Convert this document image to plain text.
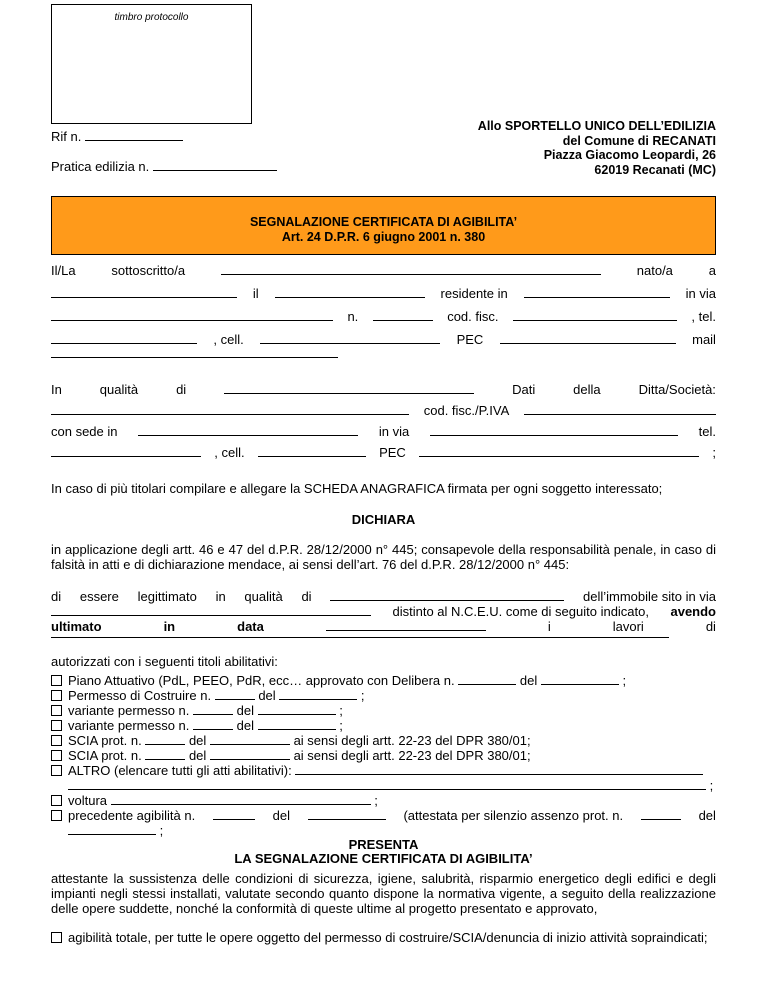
timbro protocollo
Allo SPORTELLO UNICO DELL’EDILIZIA
del Comune di RECANATI
Piazza Giacomo Leopardi, 26
62019 Recanati (MC)
Rif n.
Pratica edilizia n.
SEGNALAZIONE CERTIFICATA DI AGIBILITA’
Art. 24 D.P.R. 6 giugno 2001 n. 380
Il/La	sottoscritto/a	nato/a	a
il	residente in	in via
n.	cod. fisc.	, tel.
, cell.	PEC	mail
In	qualità	di	Dati	della	Ditta/Società:
cod. fisc./P.IVA
con sede in	in via	tel.
, cell.	PEC	;
In caso di più titolari compilare e allegare la SCHEDA ANAGRAFICA firmata per ogni soggetto interessato;
DICHIARA
in applicazione degli artt. 46 e 47 del d.P.R. 28/12/2000 n° 445; consapevole della responsabilità penale, in caso di falsità in atti e di dichiarazione mendace, ai sensi dell’art. 76 del d.P.R. 28/12/2000 n° 445:
di essere legittimato in qualità di	dell’immobile sito in via
distinto al N.C.E.U. come di seguito indicato, avendo
ultimato	in	data	i	lavori	di
autorizzati con i seguenti titoli abilitativi:
Piano Attuativo (PdL, PEEO, PdR, ecc… approvato con Delibera n.	del	;
Permesso di Costruire n.	del	;
variante permesso n.	del	;
variante permesso n.	del	;
SCIA prot. n.	del	ai sensi degli artt. 22-23 del DPR 380/01;
SCIA prot. n.	del	ai sensi degli artt. 22-23 del DPR 380/01;
ALTRO (elencare tutti gli atti abilitativi):
;
voltura	;
precedente agibilità n.	del	(attestata per silenzio assenzo prot. n.	del
;
PRESENTA
LA SEGNALAZIONE CERTIFICATA DI AGIBILITA’
attestante la sussistenza delle condizioni di sicurezza, igiene, salubrità, risparmio energetico degli edifici e degli impianti negli stessi installati, valutate secondo quanto dispone la normativa vigente, a seguito della realizzazione delle opere suddette, nonché la conformità di queste ultime al progetto presentato e approvato,
agibilità totale, per tutte le opere oggetto del permesso di costruire/SCIA/denuncia di inizio attività sopraindicati;
